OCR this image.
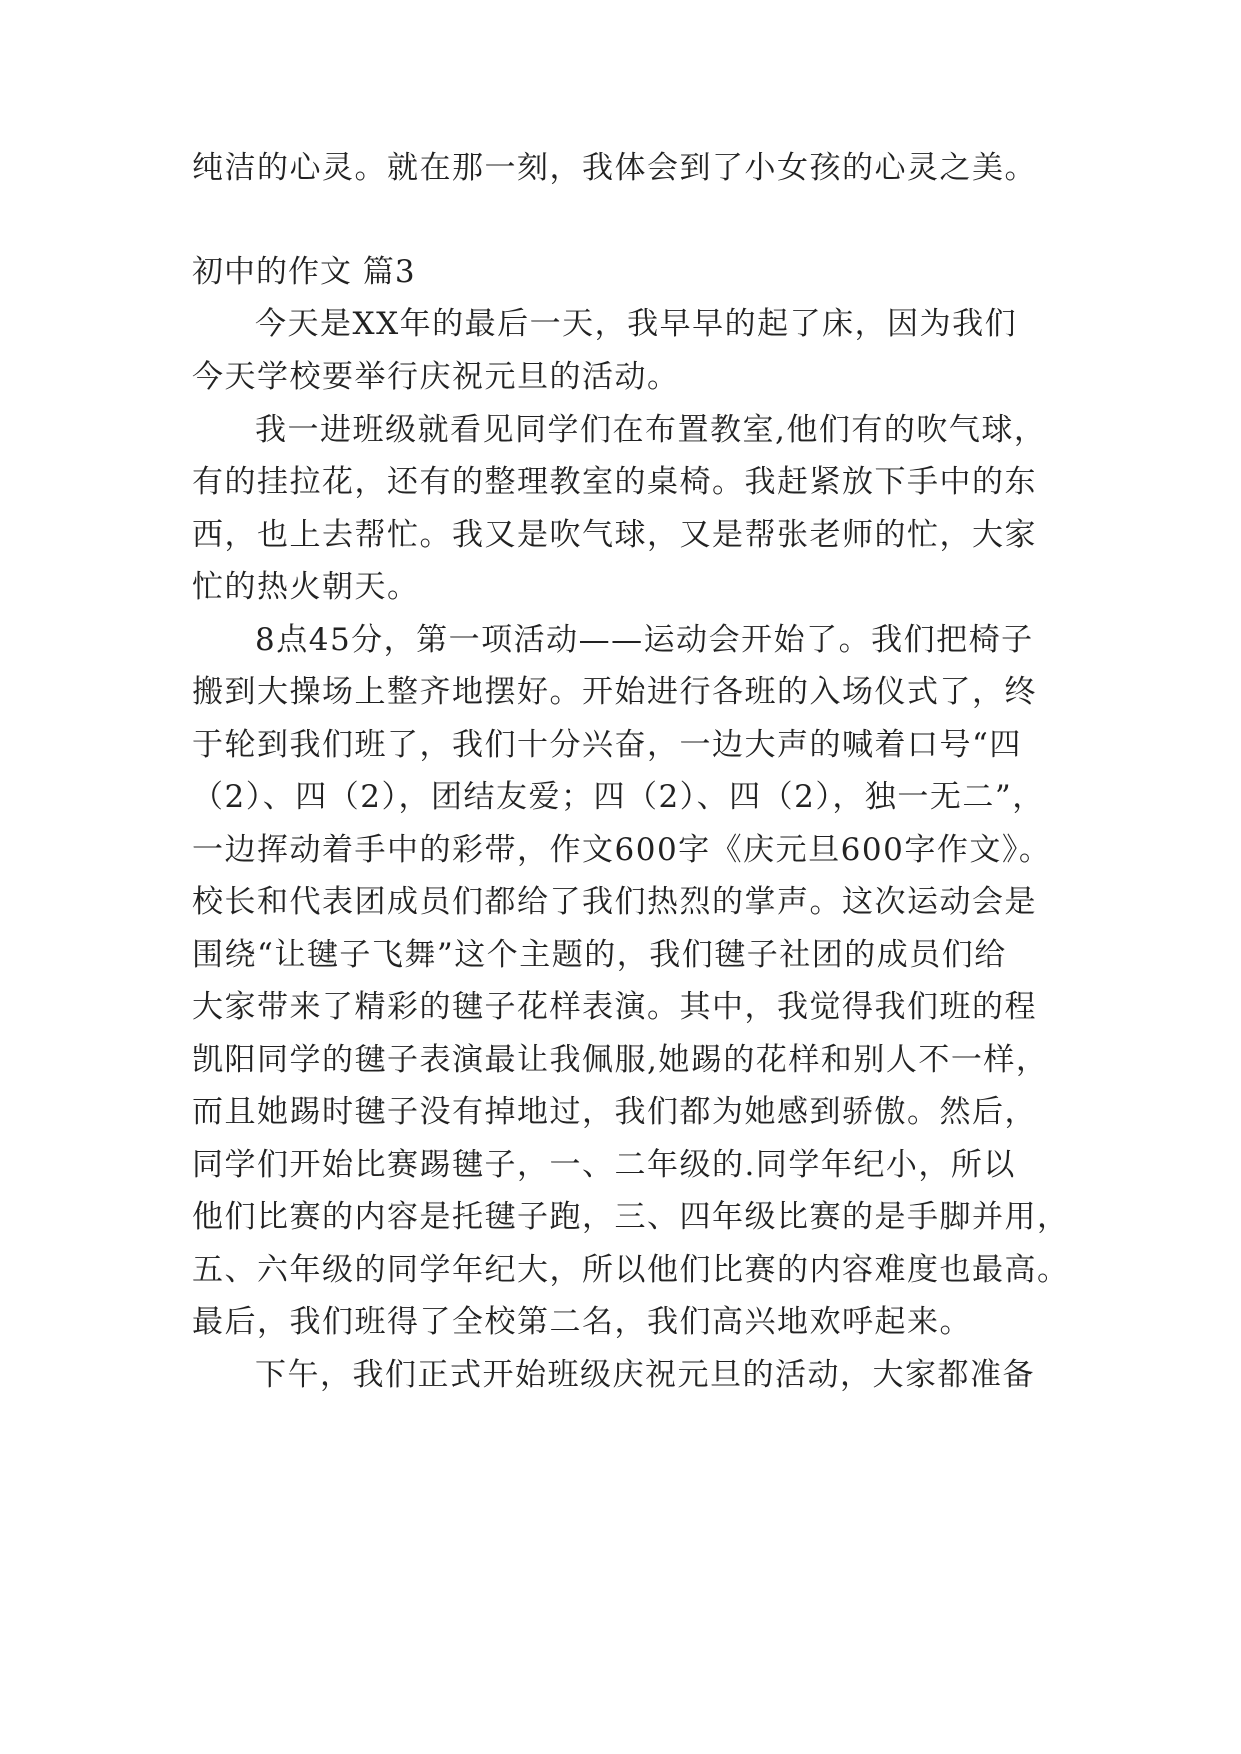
纯洁的心灵。就在那一刻，我体会到了小女孩的心灵之美。
初中的作文 篇3
今天是XX年的最后一天，我早早的起了床，因为我们
今天学校要举行庆祝元旦的活动。
我一进班级就看见同学们在布置教室,他们有的吹气球，
有的挂拉花，还有的整理教室的桌椅。我赶紧放下手中的东
西，也上去帮忙。我又是吹气球，又是帮张老师的忙，大家
忙的热火朝天。
8点45分，第一项活动——运动会开始了。我们把椅子
搬到大操场上整齐地摆好。开始进行各班的入场仪式了，终
于轮到我们班了，我们十分兴奋，一边大声的喊着口号“四
（2）、四（2），团结友爱；四（2）、四（2），独一无二”，
一边挥动着手中的彩带，作文600字《庆元旦600字作文》。
校长和代表团成员们都给了我们热烈的掌声。这次运动会是
围绕“让毽子飞舞”这个主题的，我们毽子社团的成员们给
大家带来了精彩的毽子花样表演。其中，我觉得我们班的程
凯阳同学的毽子表演最让我佩服,她踢的花样和别人不一样，
而且她踢时毽子没有掉地过，我们都为她感到骄傲。然后，
同学们开始比赛踢毽子，一、二年级的.同学年纪小，所以
他们比赛的内容是托毽子跑，三、四年级比赛的是手脚并用，
五、六年级的同学年纪大，所以他们比赛的内容难度也最高。
最后，我们班得了全校第二名，我们高兴地欢呼起来。
下午，我们正式开始班级庆祝元旦的活动，大家都准备
